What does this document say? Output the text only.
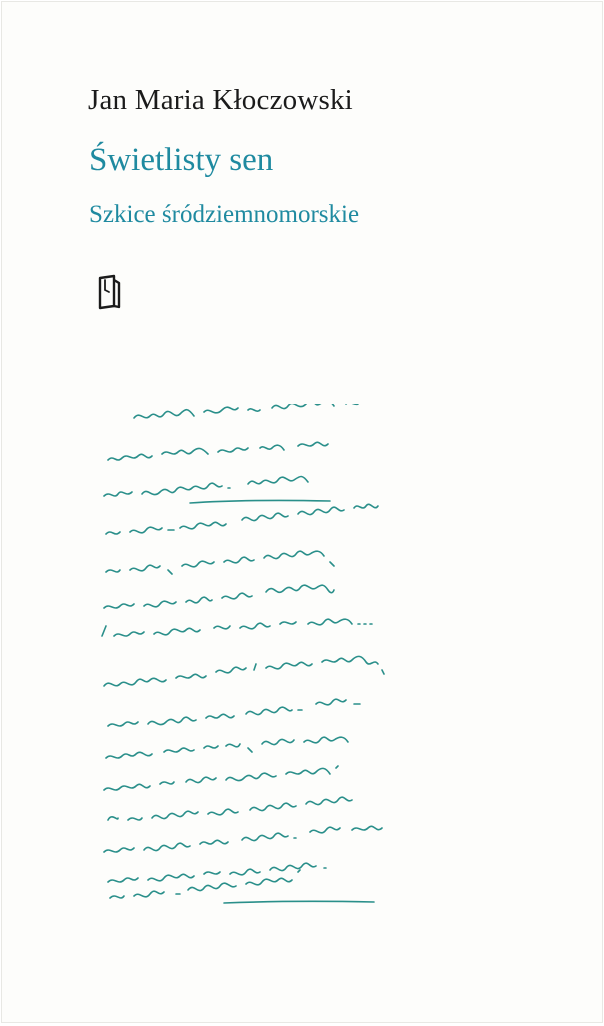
Jan Maria Kłoczowski
Świetlisty sen
Szkice śródziemnomorskie
